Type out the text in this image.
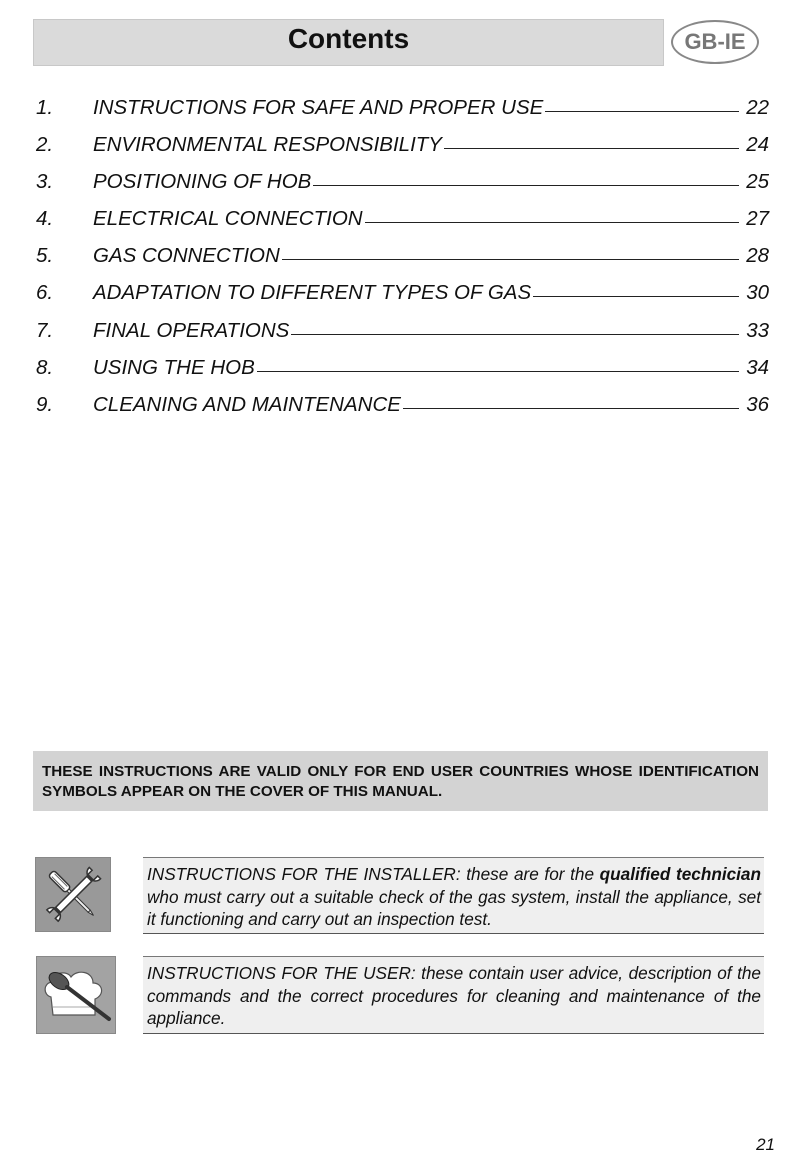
Contents	GB-IE
1.	INSTRUCTIONS FOR SAFE AND PROPER USE	22
2.	ENVIRONMENTAL RESPONSIBILITY	24
3.	POSITIONING OF HOB	25
4.	ELECTRICAL CONNECTION	27
5.	GAS CONNECTION	28
6.	ADAPTATION TO DIFFERENT TYPES OF GAS	30
7.	FINAL OPERATIONS	33
8.	USING THE HOB	34
9.	CLEANING AND MAINTENANCE	36
THESE INSTRUCTIONS ARE VALID ONLY FOR END USER COUNTRIES WHOSE IDENTIFICATION SYMBOLS APPEAR ON THE COVER OF THIS MANUAL.
INSTRUCTIONS FOR THE INSTALLER: these are for the qualified technician who must carry out a suitable check of the gas system, install the appliance, set it functioning and carry out an inspection test.
INSTRUCTIONS FOR THE USER: these contain user advice, description of the commands and the correct procedures for cleaning and maintenance of the appliance.
21
